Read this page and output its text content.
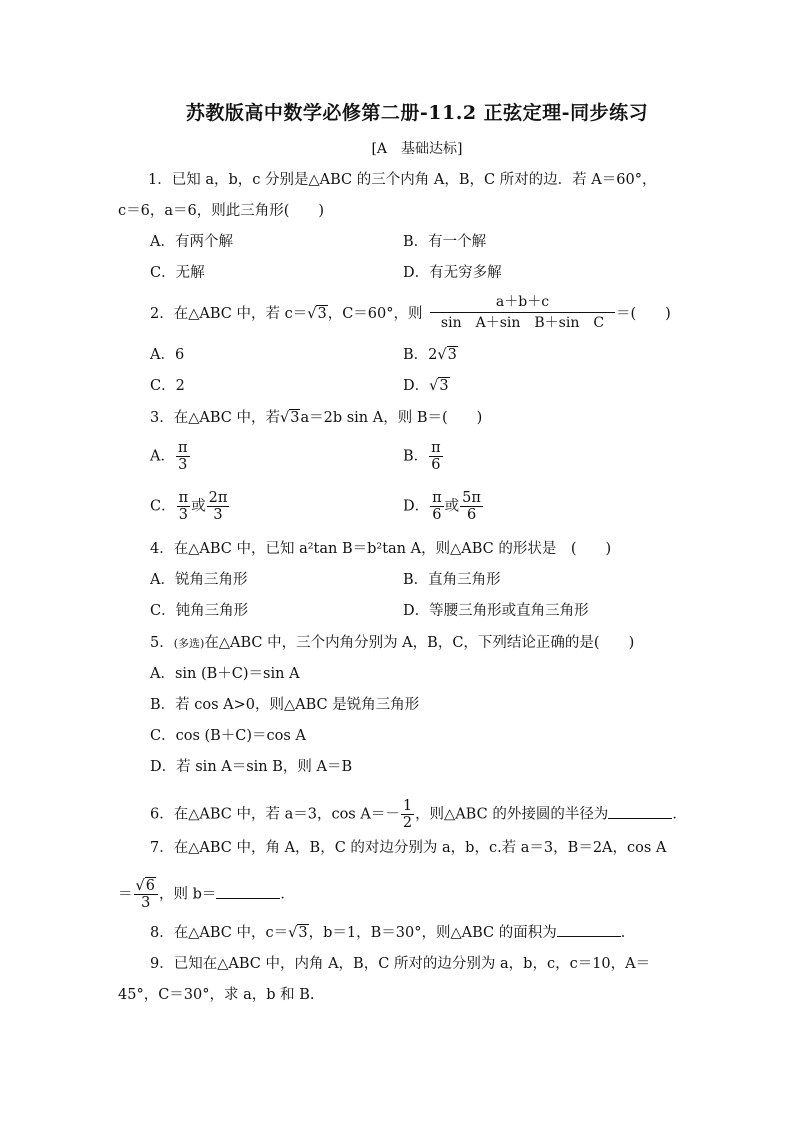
苏教版高中数学必修第二册-11.2 正弦定理-同步练习
[A　基础达标]
1．已知 a，b，c 分别是△ABC 的三个内角 A，B，C 所对的边．若 A＝60°，
c＝6，a＝6，则此三角形(　　)
A．有两个解	B．有一个解
C．无解	D．有无穷多解
2．在△ABC 中，若 c＝√3，C＝60°，则 $\frac{a+b+c}{\text{sin　A＋sin　B＋sin　C}}$ ＝(　　)
A．6	B．2√3
C．2	D．√3
3．在△ABC 中，若√3a＝2b sin A，则 B＝(　　)
A． $\frac{\pi}{3}$	B． $\frac{\pi}{6}$
C． $\frac{\pi}{3}$ 或 $\frac{2\pi}{3}$	D． $\frac{\pi}{6}$ 或 $\frac{5\pi}{6}$
4．在△ABC 中，已知 a²tan B＝b²tan A，则△ABC 的形状是　(　　)
A．锐角三角形	B．直角三角形
C．钝角三角形	D．等腰三角形或直角三角形
5．(多选)在△ABC 中，三个内角分别为 A，B，C，下列结论正确的是(　　)
A．sin (B＋C)＝sin A
B．若 cos A>0，则△ABC 是锐角三角形
C．cos (B＋C)＝cos A
D．若 sin A＝sin B，则 A＝B
6．在△ABC 中，若 a＝3，$\cos A=- \frac{1}{2}$ ，则△ABC 的外接圆的半径为	．
7．在△ABC 中，角 A，B，C 的对边分别为 a，b，c.若 a＝3，B＝2A，cos A
＝ $\frac{√6}{3}$ ，则 b＝	．
8．在△ABC 中，c＝√3，b＝1，B＝30°，则△ABC 的面积为	．
9．已知在△ABC 中，内角 A，B，C 所对的边分别为 a，b，c，c＝10，A＝
45°，C＝30°，求 a，b 和 B.
